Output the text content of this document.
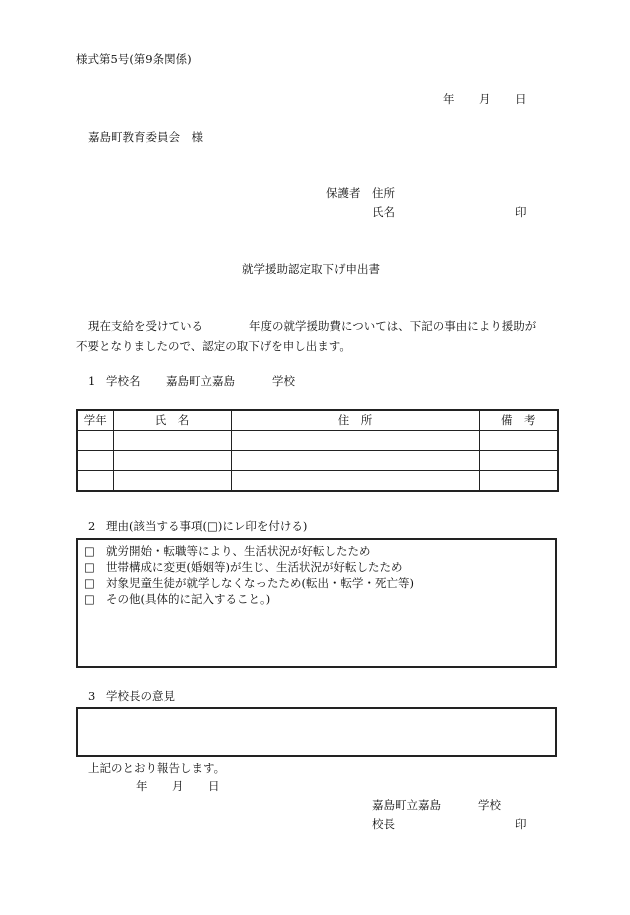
様式第5号(第9条関係)
年 月 日
嘉島町教育委員会　様
保護者 住所
氏名	印
就学援助認定取下げ申出書
現在支給を受けている	年度の就学援助費については、下記の事由により援助が
不要となりましたので、認定の取下げを申し出ます。
1 学校名 嘉島町立嘉島	学校
学年	氏　名	住　所	備　考

2 理由(該当する事項(□)にレ印を付ける)
□ 就労開始・転職等により、生活状況が好転したため
□ 世帯構成に変更(婚姻等)が生じ、生活状況が好転したため
□ 対象児童生徒が就学しなくなったため(転出・転学・死亡等)
□ その他(具体的に記入すること。)
3 学校長の意見
上記のとおり報告します。
年 月 日
嘉島町立嘉島	学校
校長	印
